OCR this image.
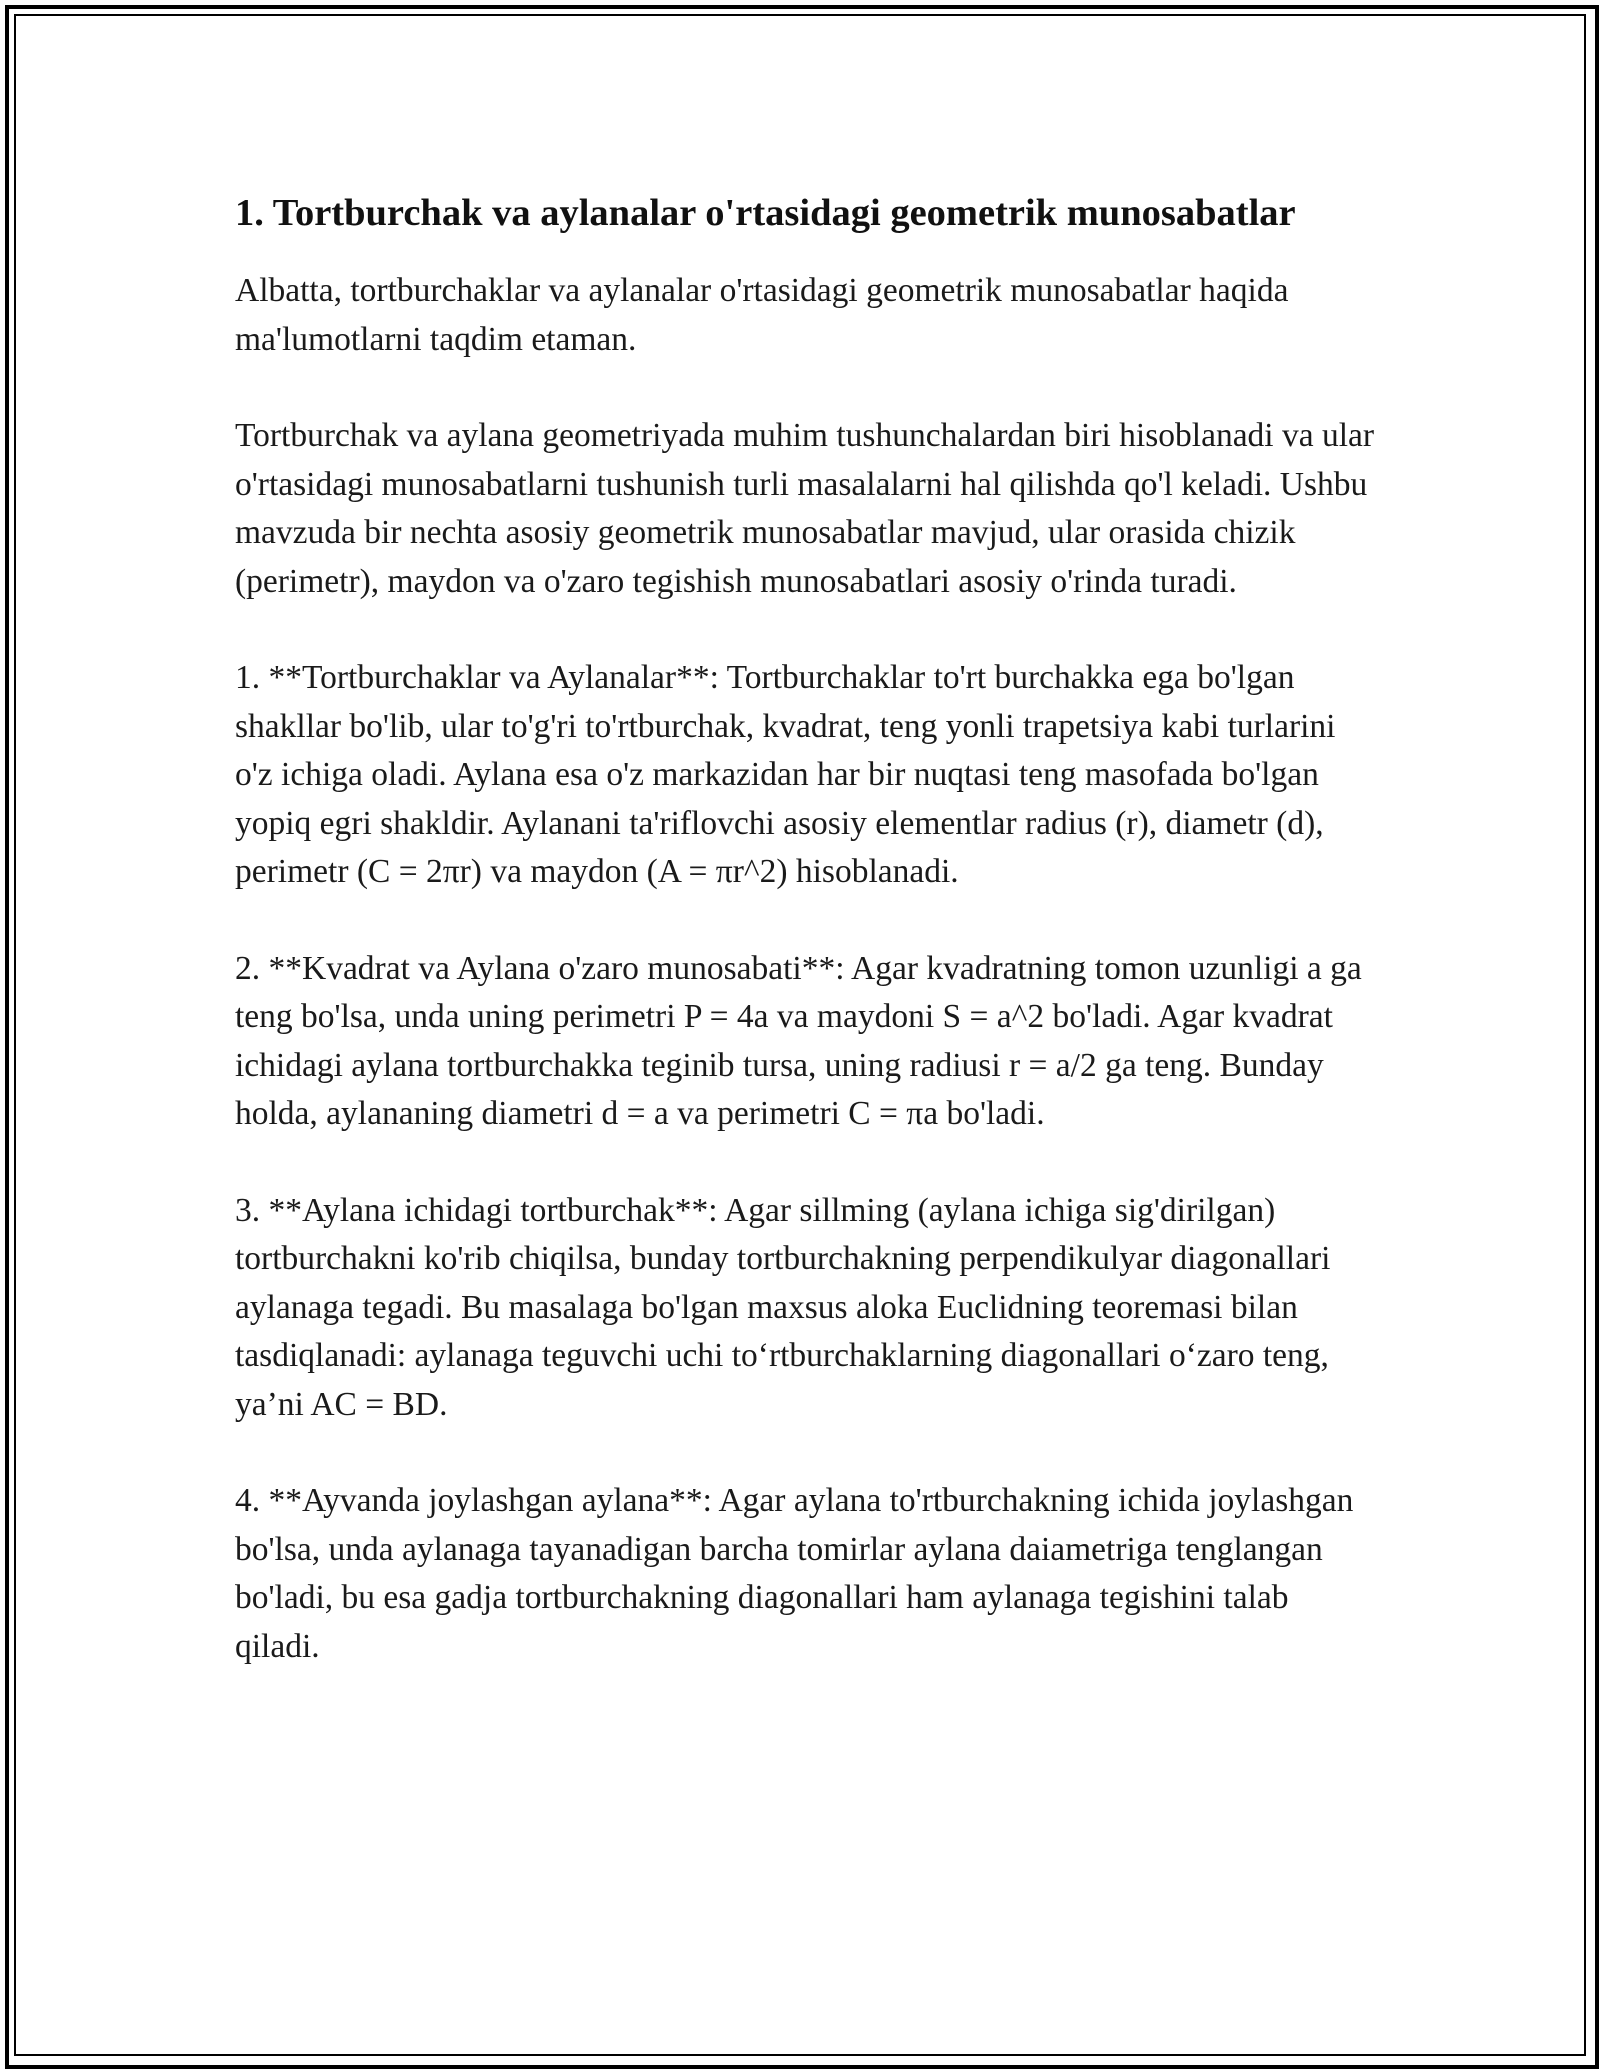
1. Tortburchak va aylanalar o'rtasidagi geometrik munosabatlar

Albatta, tortburchaklar va aylanalar o'rtasidagi geometrik munosabatlar haqida ma'lumotlarni taqdim etaman.

Tortburchak va aylana geometriyada muhim tushunchalardan biri hisoblanadi va ular o'rtasidagi munosabatlarni tushunish turli masalalarni hal qilishda qo'l keladi. Ushbu mavzuda bir nechta asosiy geometrik munosabatlar mavjud, ular orasida chizik (perimetr), maydon va o'zaro tegishish munosabatlari asosiy o'rinda turadi.

1. **Tortburchaklar va Aylanalar**: Tortburchaklar to'rt burchakka ega bo'lgan shakllar bo'lib, ular to'g'ri to'rtburchak, kvadrat, teng yonli trapetsiya kabi turlarini o'z ichiga oladi. Aylana esa o'z markazidan har bir nuqtasi teng masofada bo'lgan yopiq egri shakldir. Aylanani ta'riflovchi asosiy elementlar radius (r), diametr (d), perimetr (C = 2πr) va maydon (A = πr^2) hisoblanadi.

2. **Kvadrat va Aylana o'zaro munosabati**: Agar kvadratning tomon uzunligi a ga teng bo'lsa, unda uning perimetri P = 4a va maydoni S = a^2 bo'ladi. Agar kvadrat ichidagi aylana tortburchakka teginib tursa, uning radiusi r = a/2 ga teng. Bunday holda, aylananing diametri d = a va perimetri C = πa bo'ladi.

3. **Aylana ichidagi tortburchak**: Agar sillming (aylana ichiga sig'dirilgan) tortburchakni ko'rib chiqilsa, bunday tortburchakning perpendikulyar diagonallari aylanaga tegadi. Bu masalaga bo'lgan maxsus aloka Euclidning teoremasi bilan tasdiqlanadi: aylanaga teguvchi uchi to‘rtburchaklarning diagonallari o‘zaro teng, ya’ni AC = BD.

4. **Ayvanda joylashgan aylana**: Agar aylana to'rtburchakning ichida joylashgan bo'lsa, unda aylanaga tayanadigan barcha tomirlar aylana daiametriga tenglangan bo'ladi, bu esa gadja tortburchakning diagonallari ham aylanaga tegishini talab qiladi.
